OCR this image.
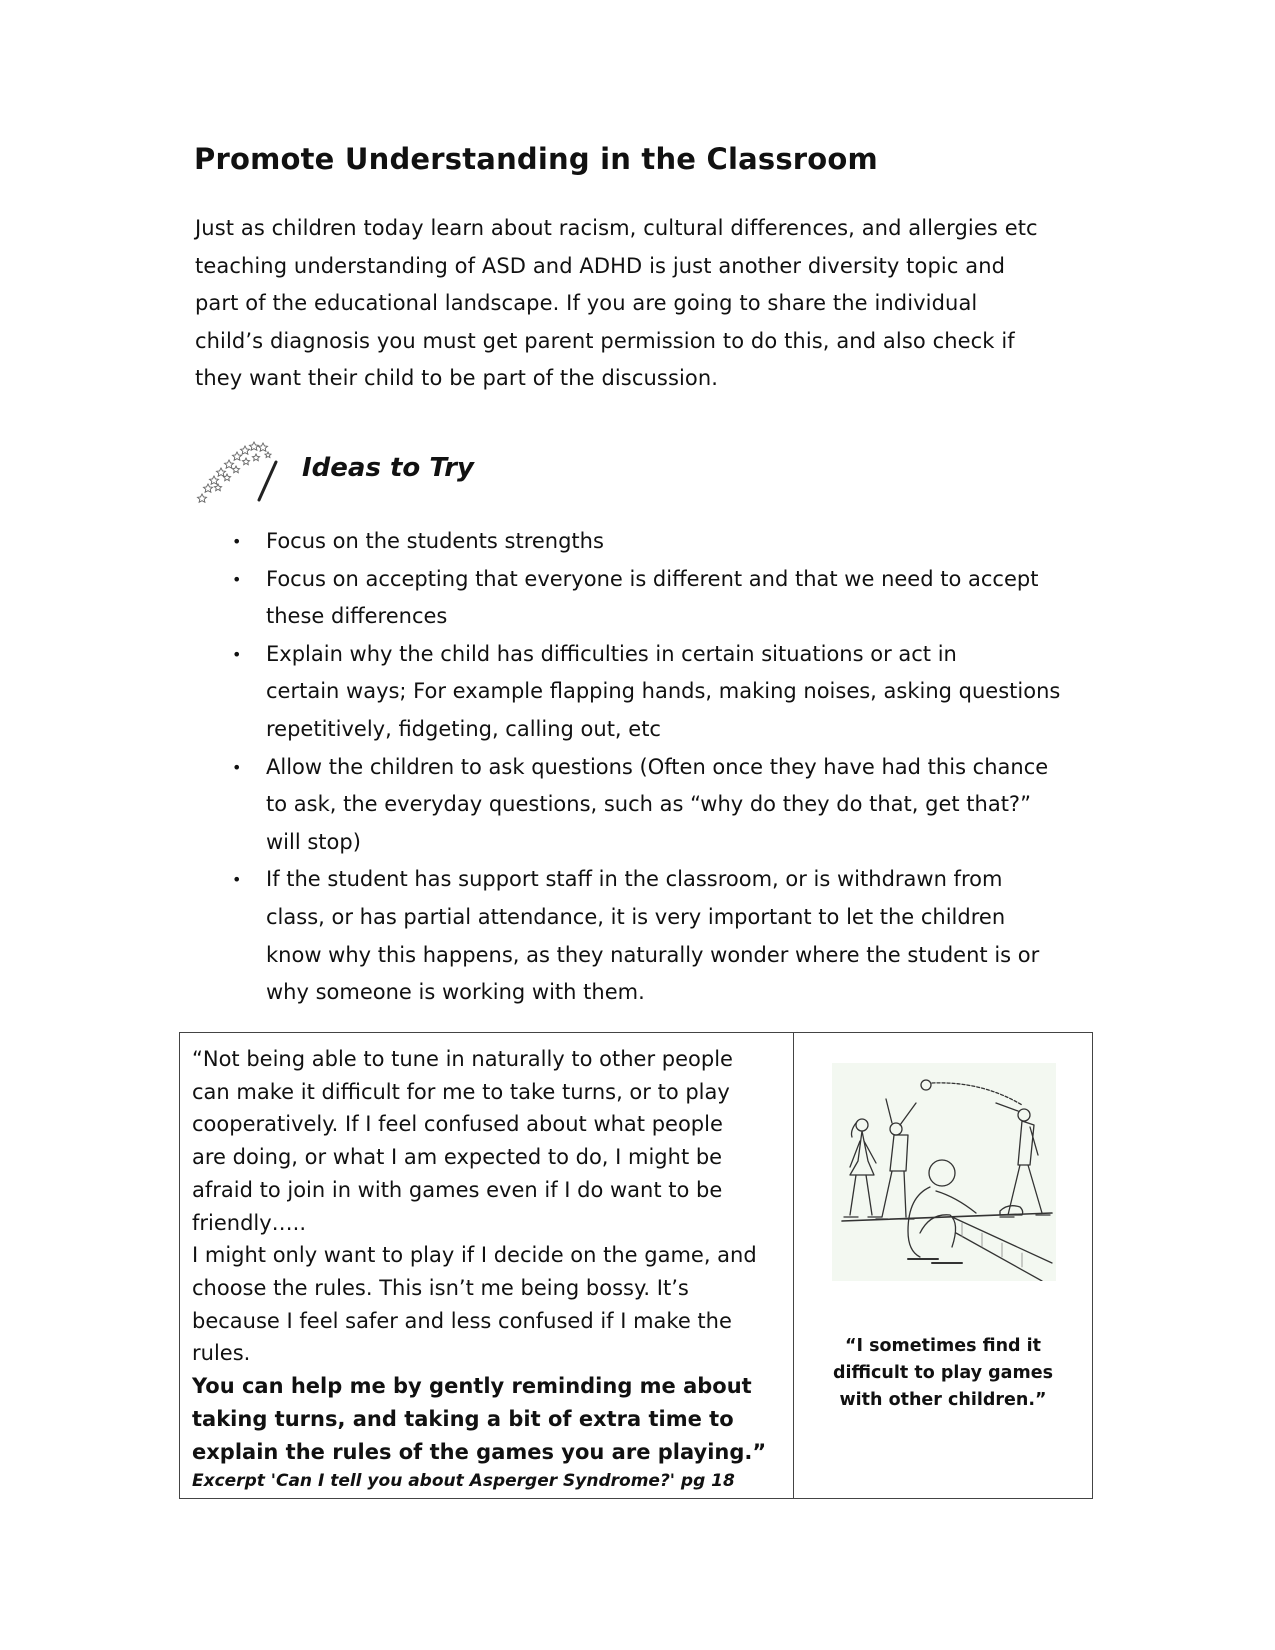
Promote Understanding in the Classroom
Just as children today learn about racism, cultural differences, and allergies etc
teaching understanding of ASD and ADHD is just another diversity topic and
part of the educational landscape. If you are going to share the individual
child’s diagnosis you must get parent permission to do this, and also check if
they want their child to be part of the discussion.
Ideas to Try
• Focus on the students strengths
• Focus on accepting that everyone is different and that we need to accept
these differences
• Explain why the child has difficulties in certain situations or act in
certain ways; For example flapping hands, making noises, asking questions
repetitively, fidgeting, calling out, etc
• Allow the children to ask questions (Often once they have had this chance
to ask, the everyday questions, such as “why do they do that, get that?”
will stop)
• If the student has support staff in the classroom, or is withdrawn from
class, or has partial attendance, it is very important to let the children
know why this happens, as they naturally wonder where the student is or
why someone is working with them.
“Not being able to tune in naturally to other people
can make it difficult for me to take turns, or to play
cooperatively. If I feel confused about what people
are doing, or what I am expected to do, I might be
afraid to join in with games even if I do want to be
friendly…..
I might only want to play if I decide on the game, and
choose the rules. This isn’t me being bossy. It’s
because I feel safer and less confused if I make the
rules.
You can help me by gently reminding me about
taking turns, and taking a bit of extra time to
explain the rules of the games you are playing.”
Excerpt 'Can I tell you about Asperger Syndrome?' pg 18
“I sometimes find it
difficult to play games
with other children.”
